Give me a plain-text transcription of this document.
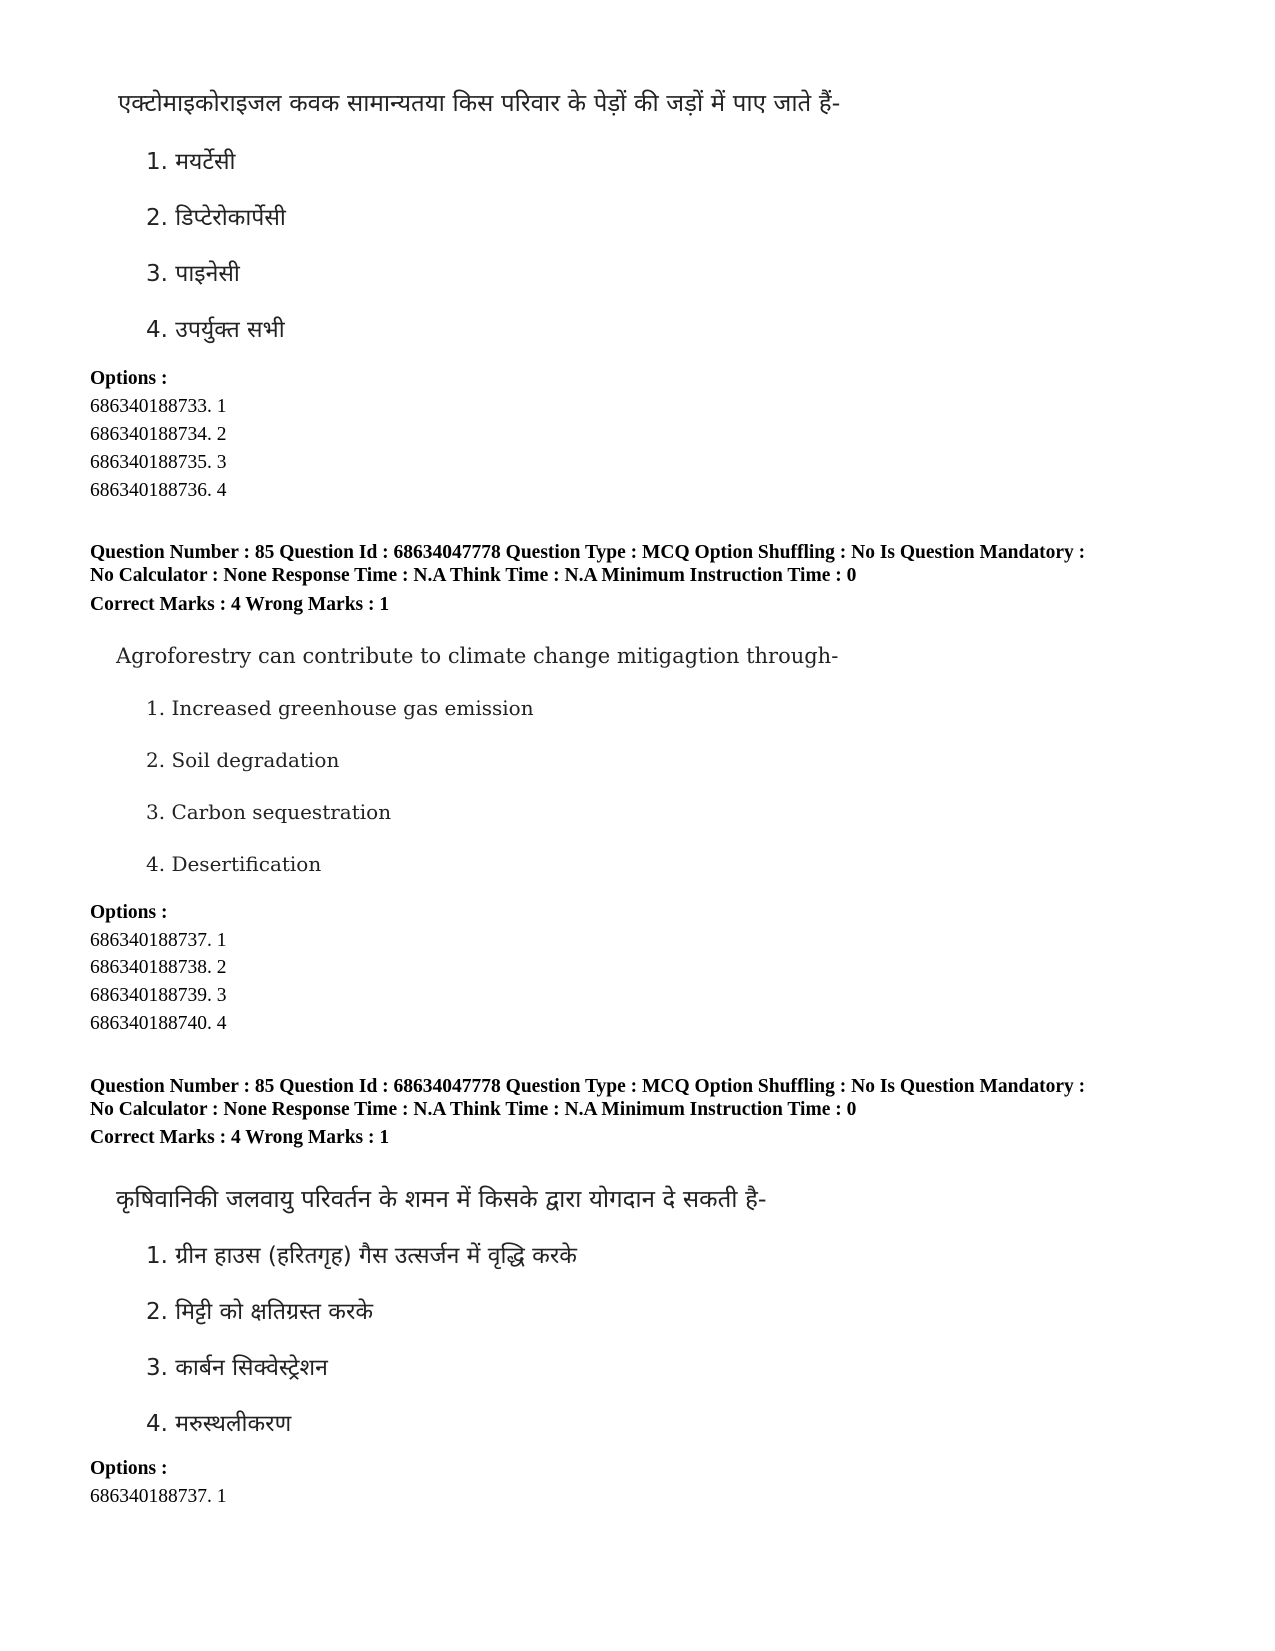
एक्टोमाइकोराइजल कवक सामान्यतया किस परिवार के पेड़ों की जड़ों में पाए जाते हैं-
1. मयर्टेसी
2. डिप्टेरोकार्पेसी
3. पाइनेसी
4. उपर्युक्त सभी
Options :
686340188733. 1
686340188734. 2
686340188735. 3
686340188736. 4
Question Number : 85 Question Id : 68634047778 Question Type : MCQ Option Shuffling : No Is Question Mandatory :
No Calculator : None Response Time : N.A Think Time : N.A Minimum Instruction Time : 0
Correct Marks : 4 Wrong Marks : 1
Agroforestry can contribute to climate change mitigagtion through-
1. Increased greenhouse gas emission
2. Soil degradation
3. Carbon sequestration
4. Desertification
Options :
686340188737. 1
686340188738. 2
686340188739. 3
686340188740. 4
Question Number : 85 Question Id : 68634047778 Question Type : MCQ Option Shuffling : No Is Question Mandatory :
No Calculator : None Response Time : N.A Think Time : N.A Minimum Instruction Time : 0
Correct Marks : 4 Wrong Marks : 1
कृषिवानिकी जलवायु परिवर्तन के शमन में किसके द्वारा योगदान दे सकती है-
1. ग्रीन हाउस (हरितगृह) गैस उत्सर्जन में वृद्धि करके
2. मिट्टी को क्षतिग्रस्त करके
3. कार्बन सिक्वेस्ट्रेशन
4. मरुस्थलीकरण
Options :
686340188737. 1
